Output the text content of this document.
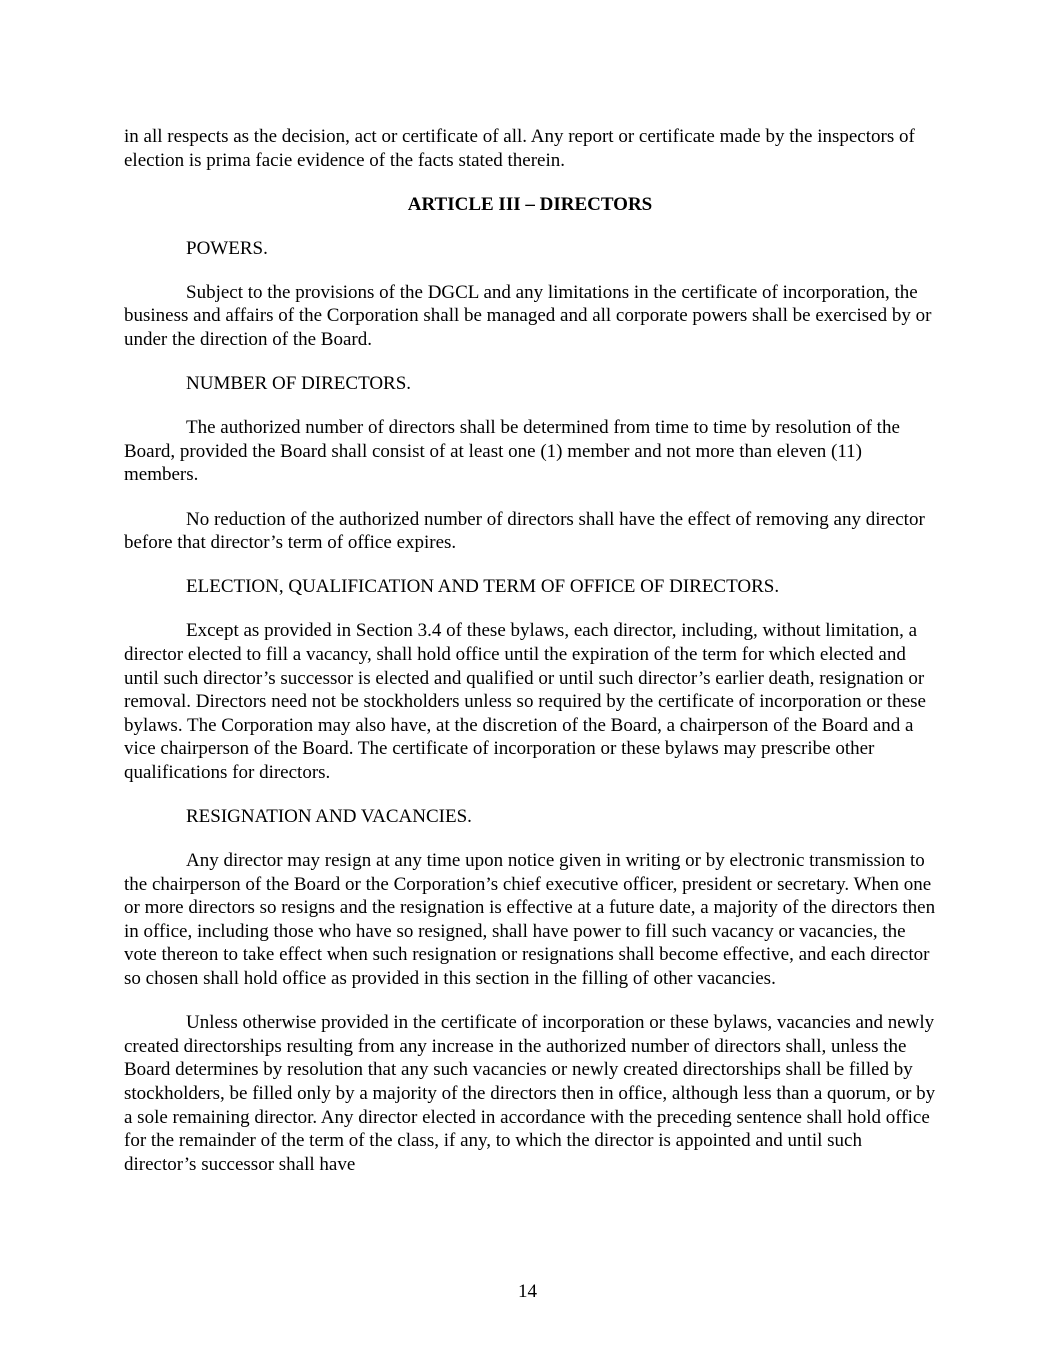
in all respects as the decision, act or certificate of all. Any report or certificate made by the inspectors of election is prima facie evidence of the facts stated therein.

ARTICLE III – DIRECTORS

POWERS.

Subject to the provisions of the DGCL and any limitations in the certificate of incorporation, the business and affairs of the Corporation shall be managed and all corporate powers shall be exercised by or under the direction of the Board.

NUMBER OF DIRECTORS.

The authorized number of directors shall be determined from time to time by resolution of the Board, provided the Board shall consist of at least one (1) member and not more than eleven (11) members.

No reduction of the authorized number of directors shall have the effect of removing any director before that director’s term of office expires.

ELECTION, QUALIFICATION AND TERM OF OFFICE OF DIRECTORS.

Except as provided in Section 3.4 of these bylaws, each director, including, without limitation, a director elected to fill a vacancy, shall hold office until the expiration of the term for which elected and until such director’s successor is elected and qualified or until such director’s earlier death, resignation or removal. Directors need not be stockholders unless so required by the certificate of incorporation or these bylaws. The Corporation may also have, at the discretion of the Board, a chairperson of the Board and a vice chairperson of the Board. The certificate of incorporation or these bylaws may prescribe other qualifications for directors.

RESIGNATION AND VACANCIES.

Any director may resign at any time upon notice given in writing or by electronic transmission to the chairperson of the Board or the Corporation’s chief executive officer, president or secretary. When one or more directors so resigns and the resignation is effective at a future date, a majority of the directors then in office, including those who have so resigned, shall have power to fill such vacancy or vacancies, the vote thereon to take effect when such resignation or resignations shall become effective, and each director so chosen shall hold office as provided in this section in the filling of other vacancies.

Unless otherwise provided in the certificate of incorporation or these bylaws, vacancies and newly created directorships resulting from any increase in the authorized number of directors shall, unless the Board determines by resolution that any such vacancies or newly created directorships shall be filled by stockholders, be filled only by a majority of the directors then in office, although less than a quorum, or by a sole remaining director. Any director elected in accordance with the preceding sentence shall hold office for the remainder of the term of the class, if any, to which the director is appointed and until such director’s successor shall have

14
